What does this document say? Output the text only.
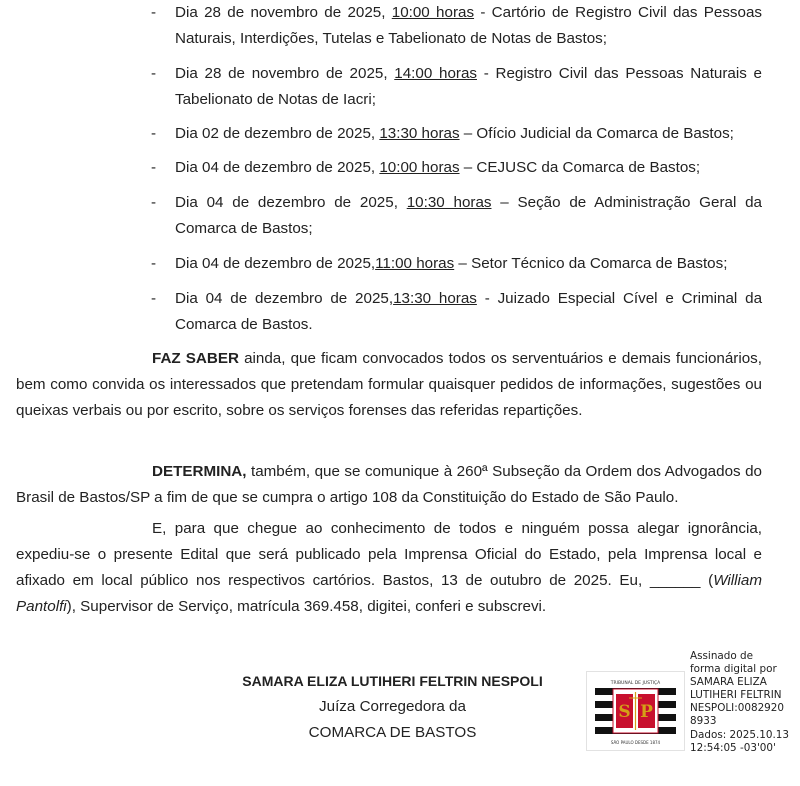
- Dia 28 de novembro de 2025, 10:00 horas - Cartório de Registro Civil das Pessoas Naturais, Interdições, Tutelas e Tabelionato de Notas de Bastos;
- Dia 28 de novembro de 2025, 14:00 horas - Registro Civil das Pessoas Naturais e Tabelionato de Notas de Iacri;
- Dia 02 de dezembro de 2025, 13:30 horas – Ofício Judicial da Comarca de Bastos;
- Dia 04 de dezembro de 2025, 10:00 horas – CEJUSC da Comarca de Bastos;
- Dia 04 de dezembro de 2025, 10:30 horas – Seção de Administração Geral da Comarca de Bastos;
- Dia 04 de dezembro de 2025,11:00 horas – Setor Técnico da Comarca de Bastos;
- Dia 04 de dezembro de 2025,13:30 horas - Juizado Especial Cível e Criminal da Comarca de Bastos.

FAZ SABER ainda, que ficam convocados todos os serventuários e demais funcionários, bem como convida os interessados que pretendam formular quaisquer pedidos de informações, sugestões ou queixas verbais ou por escrito, sobre os serviços forenses das referidas repartições.

DETERMINA, também, que se comunique à 260ª Subseção da Ordem dos Advogados do Brasil de Bastos/SP a fim de que se cumpra o artigo 108 da Constituição do Estado de São Paulo.

E, para que chegue ao conhecimento de todos e ninguém possa alegar ignorância, expediu-se o presente Edital que será publicado pela Imprensa Oficial do Estado, pela Imprensa local e afixado em local público nos respectivos cartórios. Bastos, 13 de outubro de 2025. Eu, ______ (William Pantolfi), Supervisor de Serviço, matrícula 369.458, digitei, conferi e subscrevi.

SAMARA ELIZA LUTIHERI FELTRIN NESPOLI
Juíza Corregedora da
COMARCA DE BASTOS
TRIBUNAL DE JUSTIÇA
S P
SÃO PAULO DESDE 1874
Assinado de
forma digital por
SAMARA ELIZA
LUTIHERI FELTRIN
NESPOLI:0082920
8933
Dados: 2025.10.13
12:54:05 -03'00'
